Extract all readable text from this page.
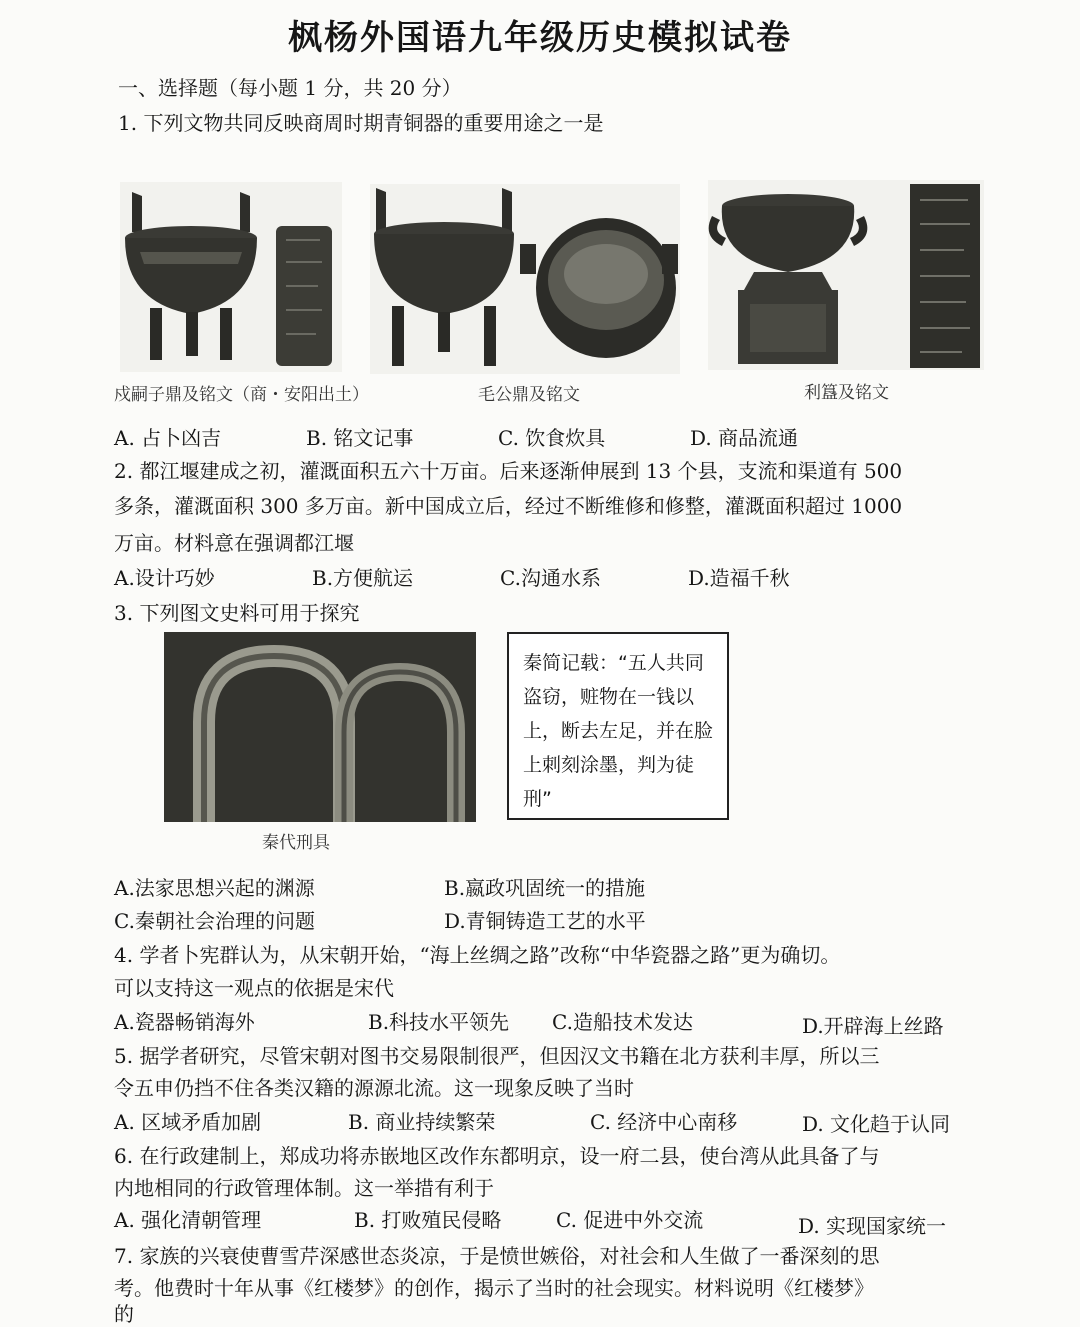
枫杨外国语九年级历史模拟试卷
一、选择题（每小题 1 分，共 20 分）
1. 下列文物共同反映商周时期青铜器的重要用途之一是
戍嗣子鼎及铭文（商・安阳出土）	毛公鼎及铭文	利簋及铭文
A. 占卜凶吉	B. 铭文记事	C. 饮食炊具	D. 商品流通
2. 都江堰建成之初，灌溉面积五六十万亩。后来逐渐伸展到 13 个县，支流和渠道有 500
多条，灌溉面积 300 多万亩。新中国成立后，经过不断维修和修整，灌溉面积超过 1000
万亩。材料意在强调都江堰
A.设计巧妙	B.方便航运	C.沟通水系	D.造福千秋
3. 下列图文史料可用于探究
秦代刑具
秦简记载：“五人共同盗窃，赃物在一钱以上，断去左足，并在脸上刺刻涂墨，判为徒刑”
A.法家思想兴起的渊源	B.嬴政巩固统一的措施
C.秦朝社会治理的问题	D.青铜铸造工艺的水平
4. 学者卜宪群认为，从宋朝开始，“海上丝绸之路”改称“中华瓷器之路”更为确切。
可以支持这一观点的依据是宋代
A.瓷器畅销海外	B.科技水平领先 C.造船技术发达	D.开辟海上丝路
5. 据学者研究，尽管宋朝对图书交易限制很严，但因汉文书籍在北方获利丰厚，所以三
令五申仍挡不住各类汉籍的源源北流。这一现象反映了当时
A. 区域矛盾加剧	B. 商业持续繁荣	C. 经济中心南移	D. 文化趋于认同
6. 在行政建制上，郑成功将赤嵌地区改作东都明京，设一府二县，使台湾从此具备了与
内地相同的行政管理体制。这一举措有利于
A. 强化清朝管理	B. 打败殖民侵略	C. 促进中外交流	D. 实现国家统一
7. 家族的兴衰使曹雪芹深感世态炎凉，于是愤世嫉俗，对社会和人生做了一番深刻的思
考。他费时十年从事《红楼梦》的创作，揭示了当时的社会现实。材料说明《红楼梦》
的
